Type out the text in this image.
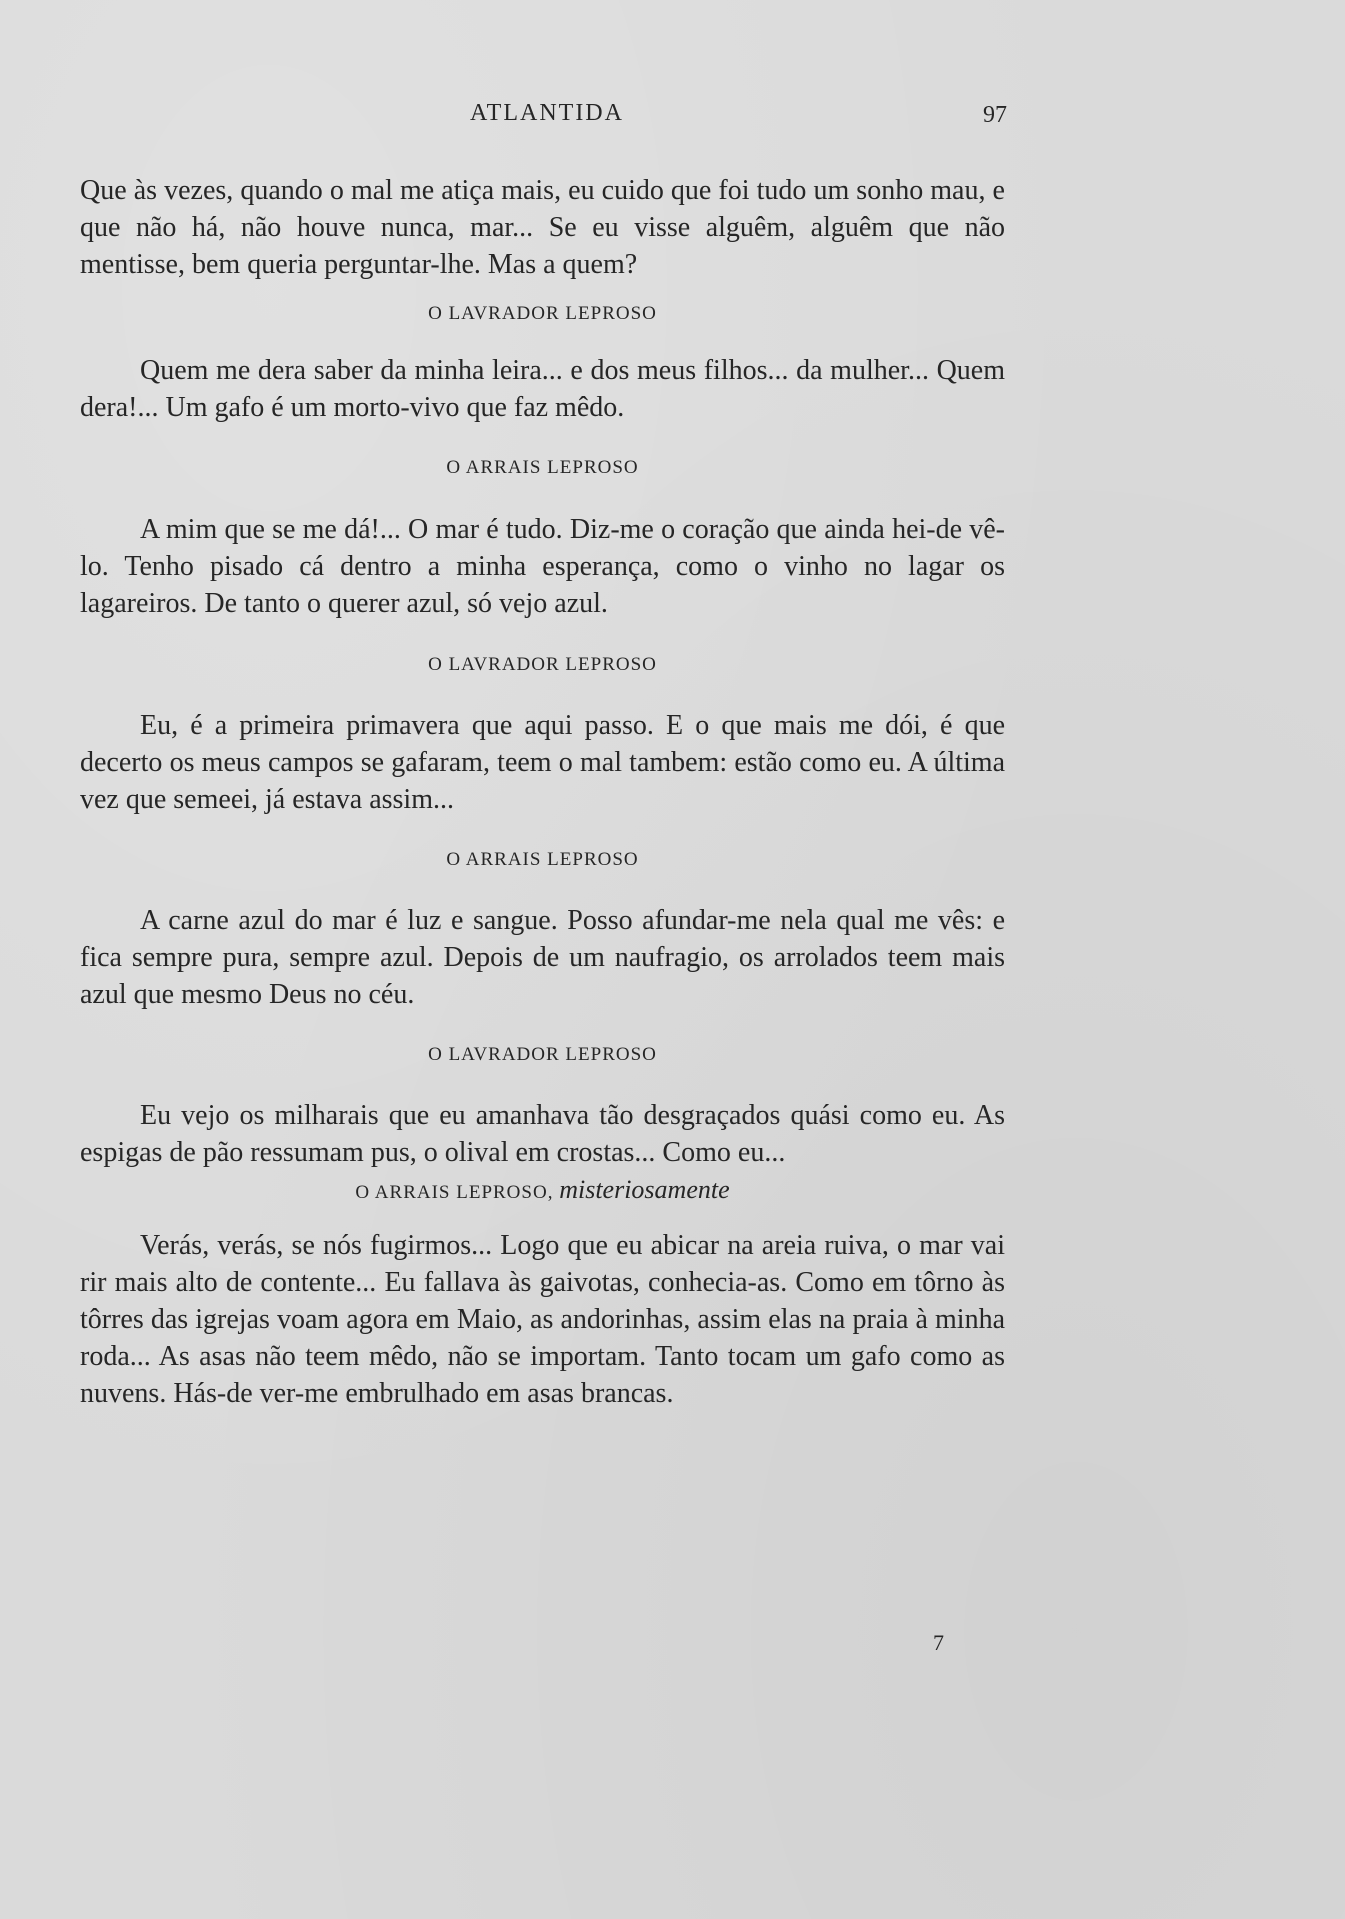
ATLANTIDA	97

Que às vezes, quando o mal me atiça mais, eu cuido que foi tudo um sonho mau, e que não há, não houve nunca, mar... Se eu visse alguêm, alguêm que não mentisse, bem queria perguntar-lhe. Mas a quem?

O LAVRADOR LEPROSO

Quem me dera saber da minha leira... e dos meus filhos... da mulher... Quem dera!... Um gafo é um morto-vivo que faz mêdo.

O ARRAIS LEPROSO

A mim que se me dá!... O mar é tudo. Diz-me o coração que ainda hei-de vê-lo. Tenho pisado cá dentro a minha esperança, como o vinho no lagar os lagareiros. De tanto o querer azul, só vejo azul.

O LAVRADOR LEPROSO

Eu, é a primeira primavera que aqui passo. E o que mais me dói, é que decerto os meus campos se gafaram, teem o mal tambem: estão como eu. A última vez que semeei, já estava assim...

O ARRAIS LEPROSO

A carne azul do mar é luz e sangue. Posso afundar-me nela qual me vês: e fica sempre pura, sempre azul. Depois de um naufragio, os arrolados teem mais azul que mesmo Deus no céu.

O LAVRADOR LEPROSO

Eu vejo os milharais que eu amanhava tão desgraçados quási como eu. As espigas de pão ressumam pus, o olival em crostas... Como eu...

O ARRAIS LEPROSO, misteriosamente

Verás, verás, se nós fugirmos... Logo que eu abicar na areia ruiva, o mar vai rir mais alto de contente... Eu fallava às gaivotas, conhecia-as. Como em tôrno às tôrres das igrejas voam agora em Maio, as andorinhas, assim elas na praia à minha roda... As asas não teem mêdo, não se importam. Tanto tocam um gafo como as nuvens. Hás-de ver-me embrulhado em asas brancas.

7
